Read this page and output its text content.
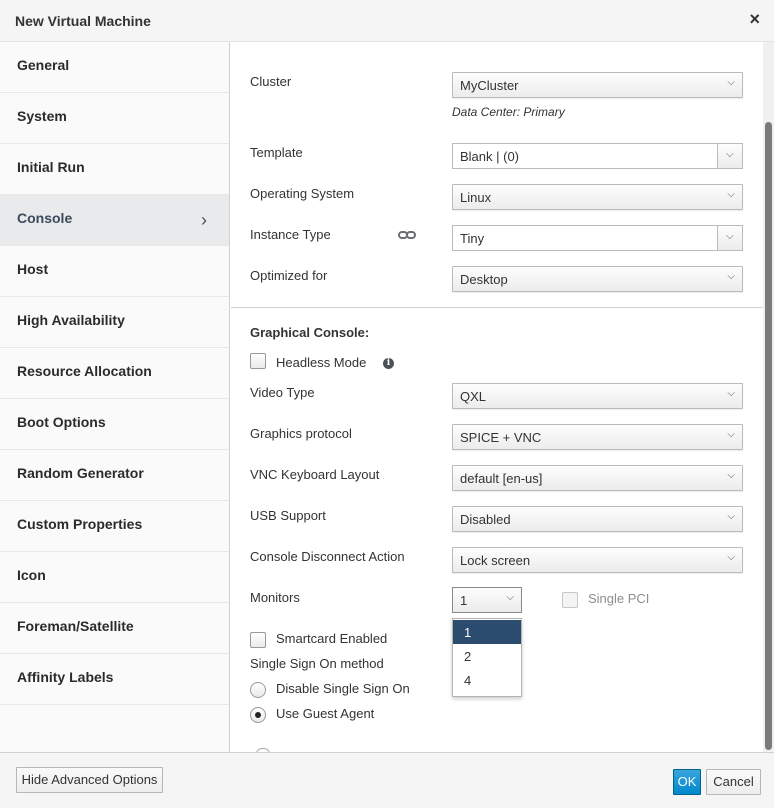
New Virtual Machine	×
General
System
Initial Run
Console	›
Host
High Availability
Resource Allocation
Boot Options
Random Generator
Custom Properties
Icon
Foreman/Satellite
Affinity Labels
Cluster	MyCluster	⌵
Data Center: Primary
Template	Blank | (0)	⌵
Operating System	Linux	⌵
Instance Type	Tiny	⌵
Optimized for	Desktop	⌵
Graphical Console:
Headless Mode	i
Video Type	QXL	⌵
Graphics protocol	SPICE + VNC	⌵
VNC Keyboard Layout	default [en-us]	⌵
USB Support	Disabled	⌵
Console Disconnect Action	Lock screen	⌵
Monitors	1	⌵
1
2
4
Single PCI
Smartcard Enabled
Single Sign On method
Disable Single Sign On
Use Guest Agent
Hide Advanced Options	OK	Cancel
